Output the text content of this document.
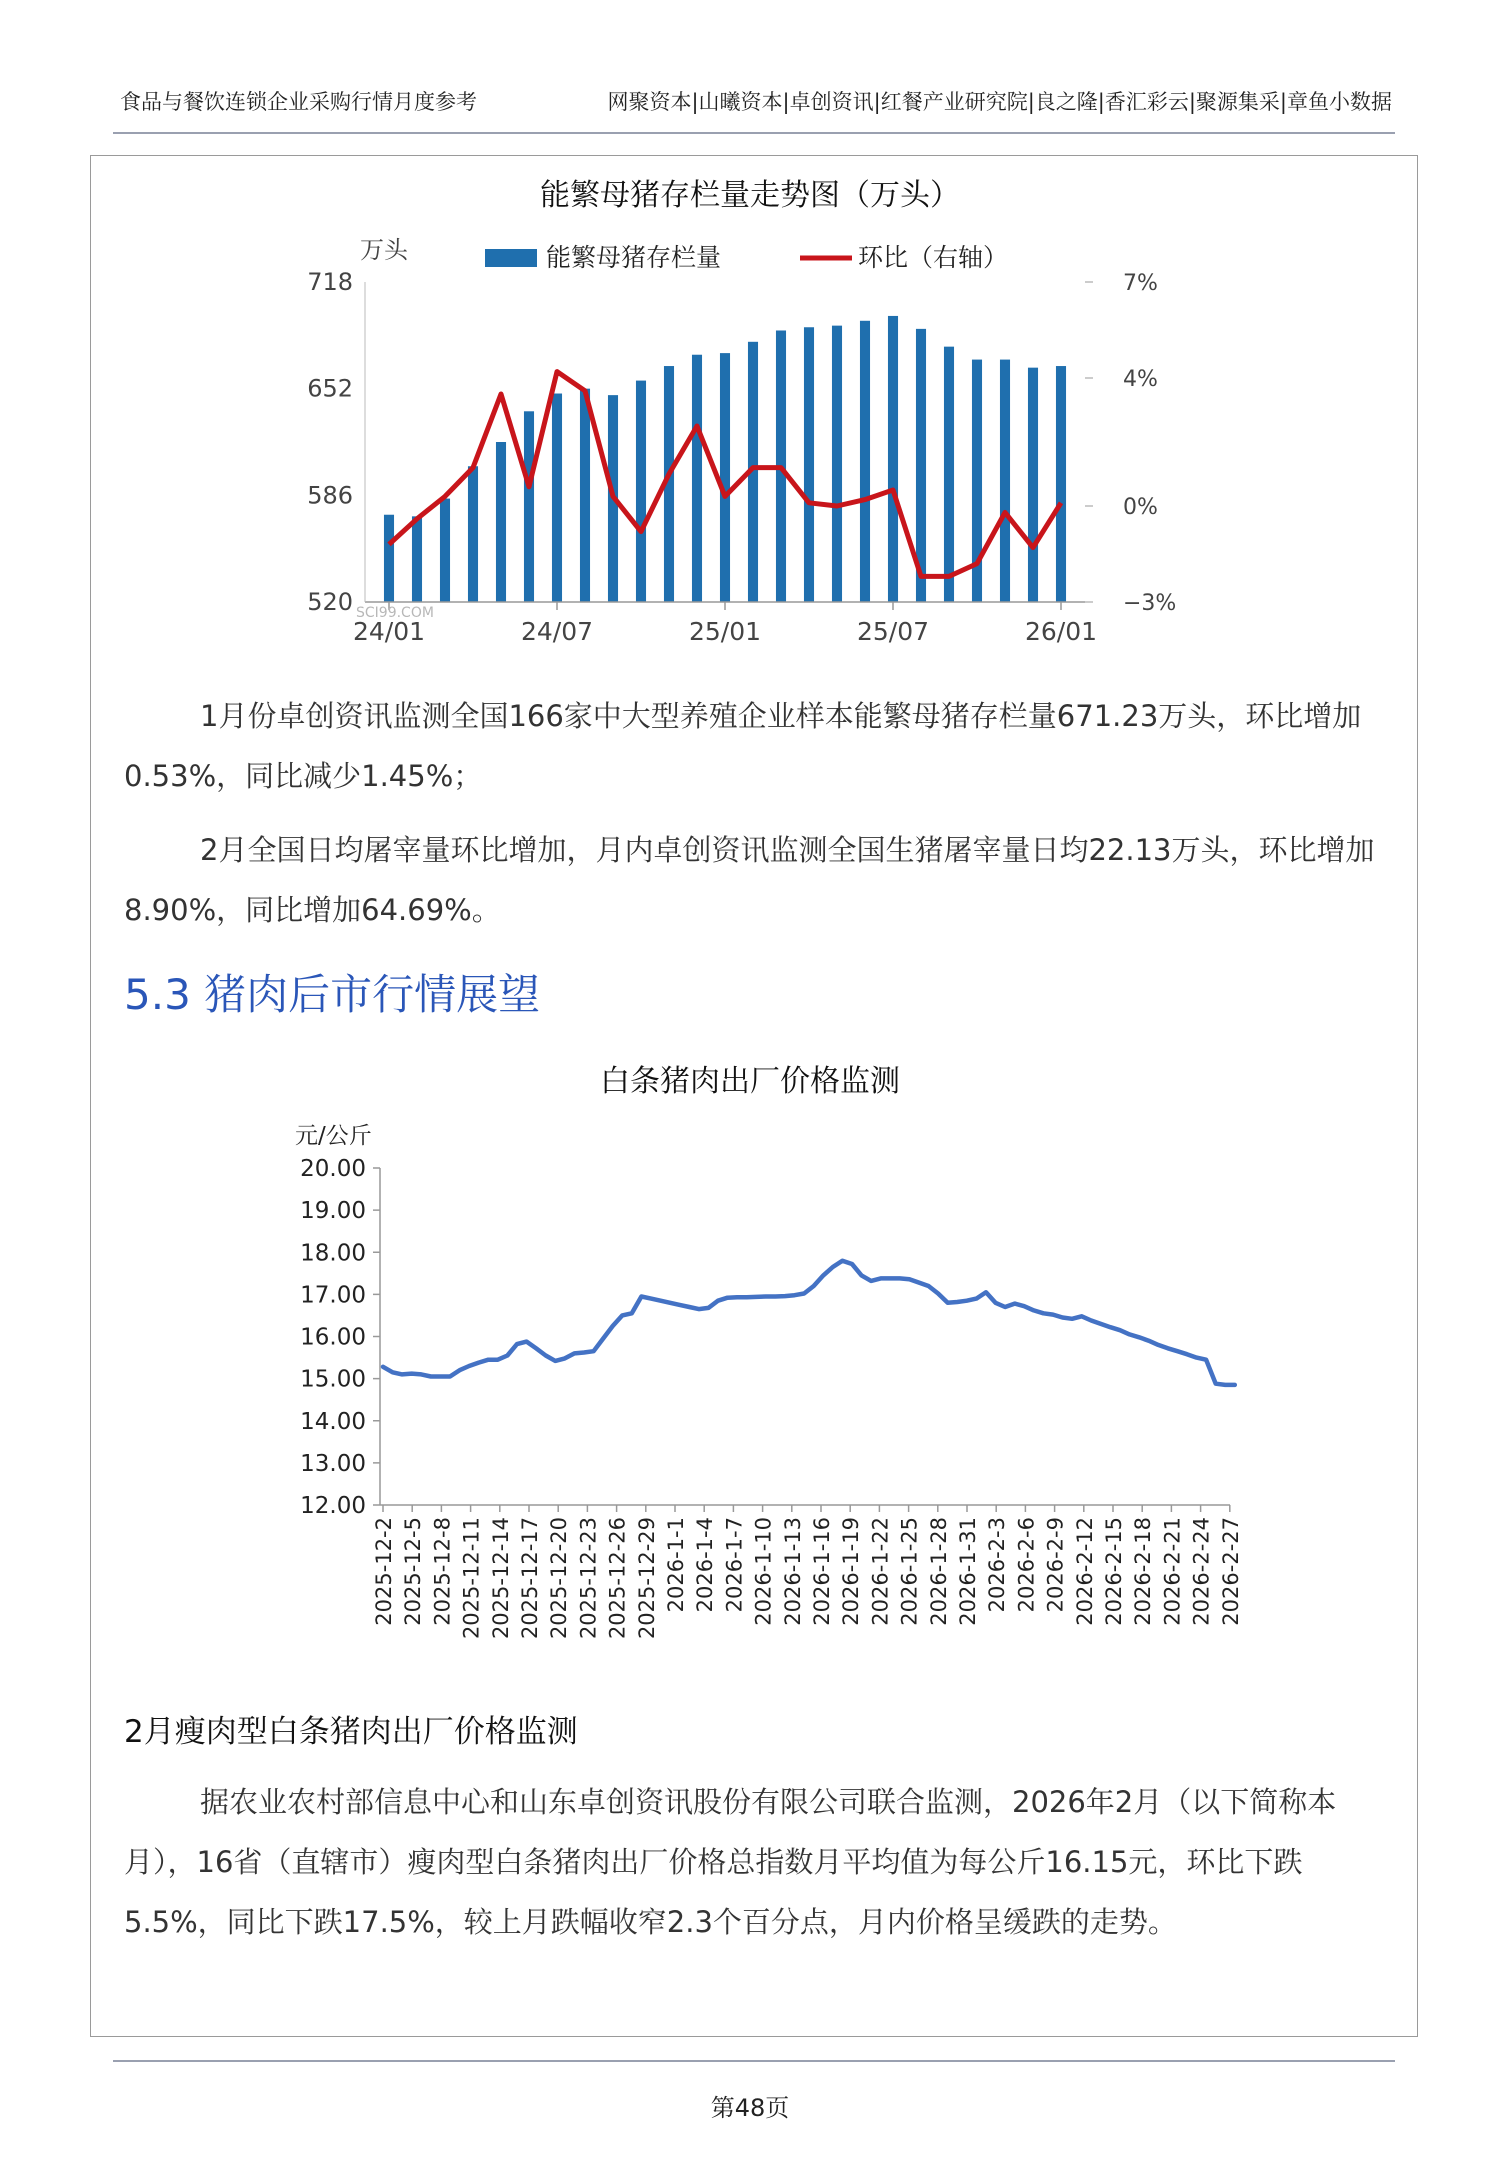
食品与餐饮连锁企业采购行情月度参考	网聚资本|山曦资本|卓创资讯|红餐产业研究院|良之隆|香汇彩云|聚源集采|章鱼小数据
能繁母猪存栏量走势图（万头）
718
652
586
520
7%
4%
0%
−3%
24/01	24/07	25/01	25/07	26/01
万头	能繁母猪存栏量	环比（右轴）
SCI99.COM

1月份卓创资讯监测全国166家中大型养殖企业样本能繁母猪存栏量671.23万头，环比增加0.53%，同比减少1.45%；

2月全国日均屠宰量环比增加，月内卓创资讯监测全国生猪屠宰量日均22.13万头，环比增加8.90%，同比增加64.69%。

5.3 猪肉后市行情展望
白条猪肉出厂价格监测
元/公斤
20.00
19.00
18.00
17.00
16.00
15.00
14.00
13.00
12.00
2025-12-2 2025-12-5 2025-12-8 2025-12-11 2025-12-14 2025-12-17 2025-12-20 2025-12-23 2025-12-26 2025-12-29 2026-1-1 2026-1-4 2026-1-7 2026-1-10 2026-1-13 2026-1-16 2026-1-19 2026-1-22 2026-1-25 2026-1-28 2026-1-31 2026-2-3 2026-2-6 2026-2-9 2026-2-12 2026-2-15 2026-2-18 2026-2-21 2026-2-24 2026-2-27
2月瘦肉型白条猪肉出厂价格监测

据农业农村部信息中心和山东卓创资讯股份有限公司联合监测，2026年2月（以下简称本月），16省（直辖市）瘦肉型白条猪肉出厂价格总指数月平均值为每公斤16.15元，环比下跌5.5%，同比下跌17.5%，较上月跌幅收窄2.3个百分点，月内价格呈缓跌的走势。

第48页
